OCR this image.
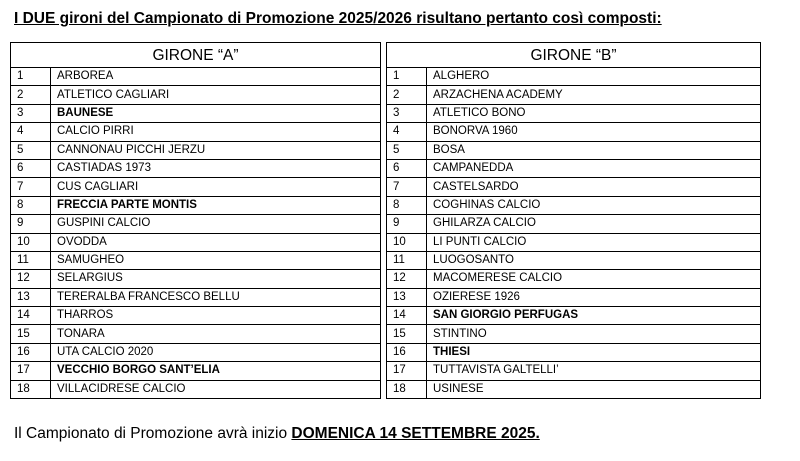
I DUE gironi del Campionato di Promozione 2025/2026 risultano pertanto così composti:
GIRONE “A”			GIRONE “B”	
1	ARBOREA		1	ALGHERO
2	ATLETICO CAGLIARI		2	ARZACHENA ACADEMY
3	BAUNESE		3	ATLETICO BONO
4	CALCIO PIRRI		4	BONORVA 1960
5	CANNONAU PICCHI JERZU		5	BOSA
6	CASTIADAS 1973		6	CAMPANEDDA
7	CUS CAGLIARI		7	CASTELSARDO
8	FRECCIA PARTE MONTIS		8	COGHINAS CALCIO
9	GUSPINI CALCIO		9	GHILARZA CALCIO
10	OVODDA		10	LI PUNTI CALCIO
11	SAMUGHEO		11	LUOGOSANTO
12	SELARGIUS		12	MACOMERESE CALCIO
13	TERERALBA FRANCESCO BELLU		13	OZIERESE 1926
14	THARROS		14	SAN GIORGIO PERFUGAS
15	TONARA		15	STINTINO
16	UTA CALCIO 2020		16	THIESI
17	VECCHIO BORGO SANT’ELIA		17	TUTTAVISTA GALTELLI’
18	VILLACIDRESE CALCIO		18	USINESE
Il Campionato di Promozione avrà inizio DOMENICA 14 SETTEMBRE 2025.
